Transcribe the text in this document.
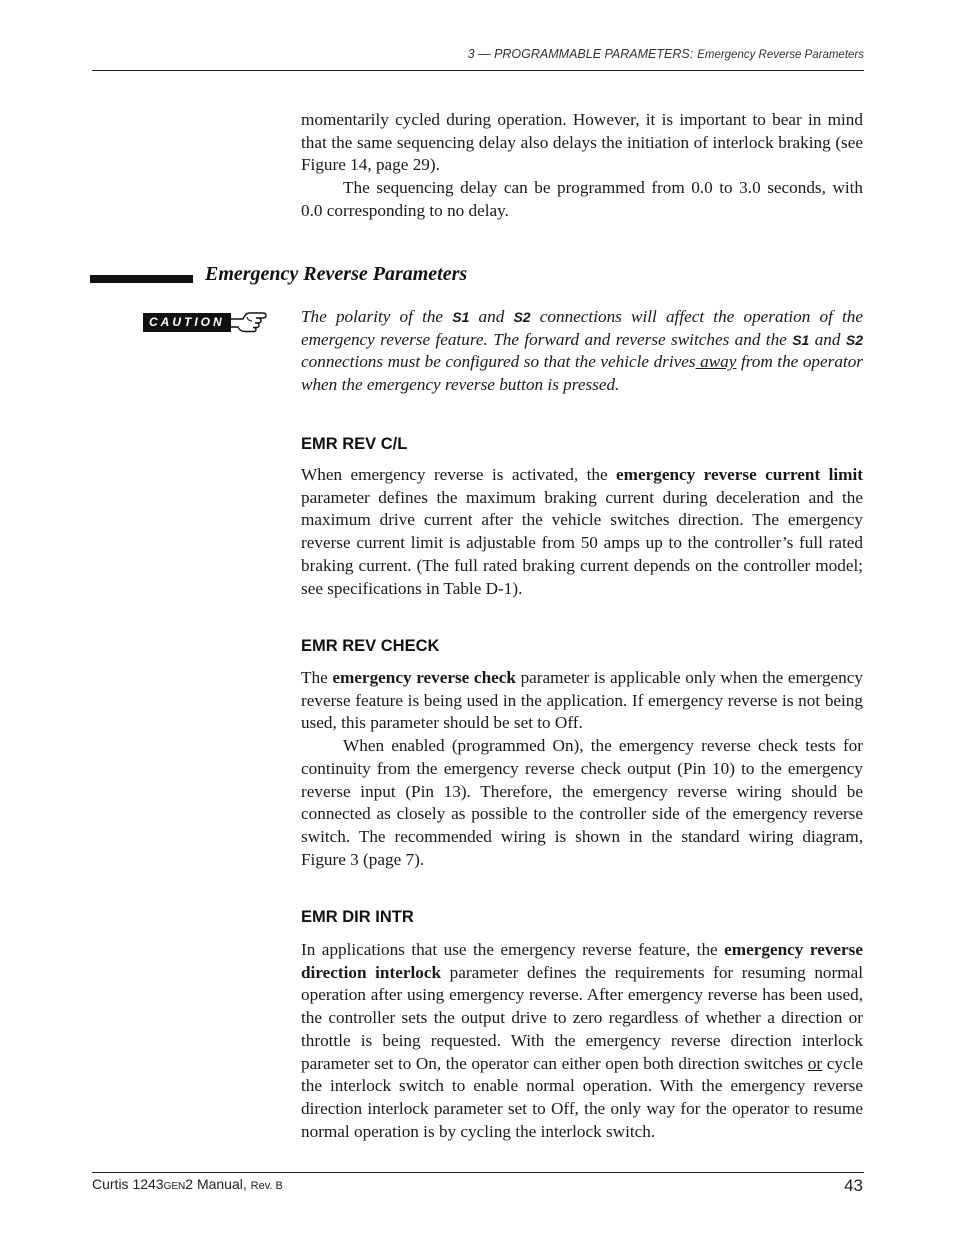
3 — PROGRAMMABLE PARAMETERS: Emergency Reverse Parameters

momentarily cycled during operation. However, it is important to bear in mind that the same sequencing delay also delays the initiation of interlock braking (see Figure 14, page 29).

The sequencing delay can be programmed from 0.0 to 3.0 seconds, with 0.0 corresponding to no delay.

Emergency Reverse Parameters
CAUTION	The polarity of the S1 and S2 connections will affect the operation of the emergency reverse feature. The forward and reverse switches and the S1 and S2 connections must be configured so that the vehicle drives away from the operator when the emergency reverse button is pressed.

EMR REV C/L

When emergency reverse is activated, the emergency reverse current limit parameter defines the maximum braking current during deceleration and the maximum drive current after the vehicle switches direction. The emergency reverse current limit is adjustable from 50 amps up to the controller’s full rated braking current. (The full rated braking current depends on the controller model; see specifications in Table D-1).

EMR REV CHECK

The emergency reverse check parameter is applicable only when the emergency reverse feature is being used in the application. If emergency reverse is not being used, this parameter should be set to Off.

When enabled (programmed On), the emergency reverse check tests for continuity from the emergency reverse check output (Pin 10) to the emergency reverse input (Pin 13). Therefore, the emergency reverse wiring should be connected as closely as possible to the controller side of the emergency reverse switch. The recommended wiring is shown in the standard wiring diagram, Figure 3 (page 7).

EMR DIR INTR

In applications that use the emergency reverse feature, the emergency reverse direction interlock parameter defines the requirements for resuming normal operation after using emergency reverse. After emergency reverse has been used, the controller sets the output drive to zero regardless of whether a direction or throttle is being requested. With the emergency reverse direction interlock parameter set to On, the operator can either open both direction switches or cycle the interlock switch to enable normal operation. With the emergency reverse direction interlock parameter set to Off, the only way for the operator to resume normal operation is by cycling the interlock switch.

Curtis 1243GEN2 Manual, Rev. B	43
